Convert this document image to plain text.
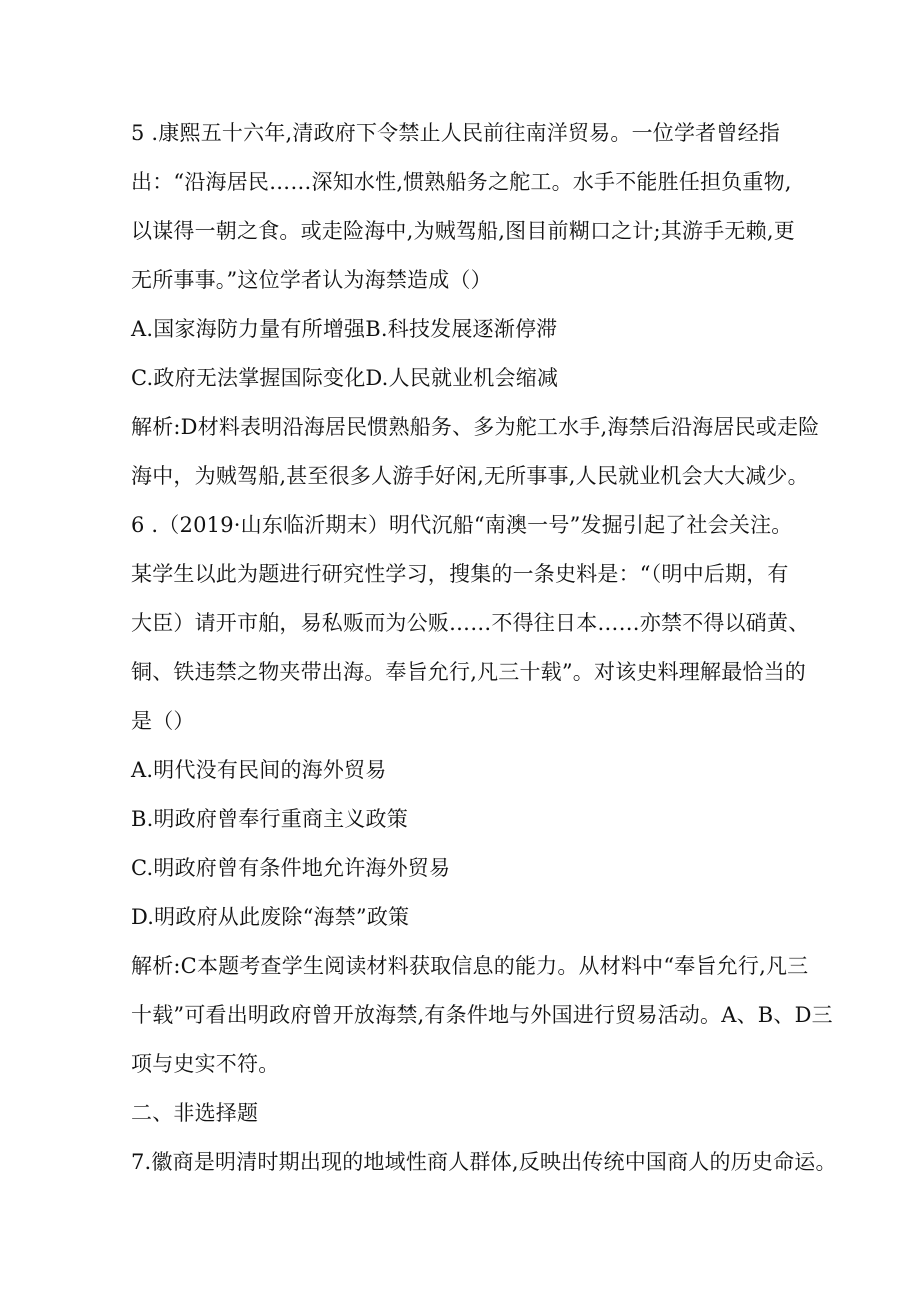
5 .康熙五十六年,清政府下令禁止人民前往南洋贸易。一位学者曾经指
出：“沿海居民……深知水性,惯熟船务之舵工。水手不能胜任担负重物,
以谋得一朝之食。或走险海中,为贼驾船,图目前糊口之计;其游手无赖,更
无所事事。”这位学者认为海禁造成（）
A.国家海防力量有所增强B.科技发展逐渐停滞
C.政府无法掌握国际变化D.人民就业机会缩减
解析:D材料表明沿海居民惯熟船务、多为舵工水手,海禁后沿海居民或走险
海中，为贼驾船,甚至很多人游手好闲,无所事事,人民就业机会大大减少。
6 .（2019·山东临沂期末）明代沉船“南澳一号”发掘引起了社会关注。
某学生以此为题进行研究性学习，搜集的一条史料是：“（明中后期，有
大臣）请开市舶，易私贩而为公贩……不得往日本……亦禁不得以硝黄、
铜、铁违禁之物夹带出海。奉旨允行,凡三十载”。对该史料理解最恰当的
是（）
A.明代没有民间的海外贸易
B.明政府曾奉行重商主义政策
C.明政府曾有条件地允许海外贸易
D.明政府从此废除“海禁”政策
解析:C本题考查学生阅读材料获取信息的能力。从材料中“奉旨允行,凡三
十载”可看出明政府曾开放海禁,有条件地与外国进行贸易活动。A、B、D三
项与史实不符。
二、非选择题
7.徽商是明清时期出现的地域性商人群体,反映出传统中国商人的历史命运。
